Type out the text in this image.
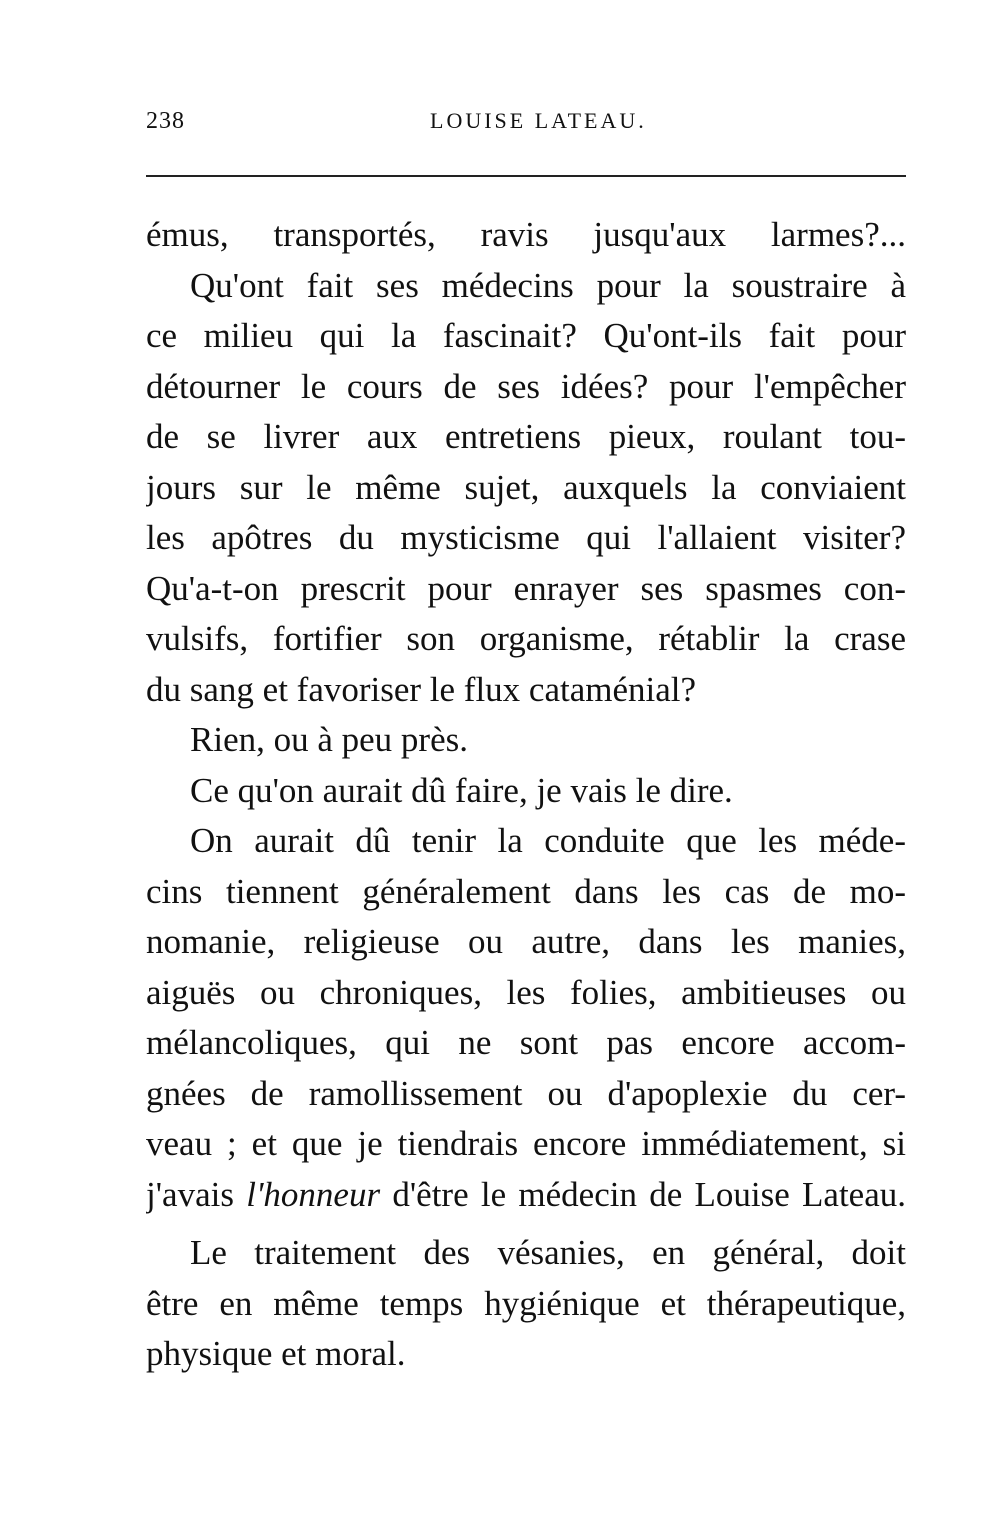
238	LOUISE LATEAU.
émus, transportés, ravis jusqu'aux larmes?...
Qu'ont fait ses médecins pour la soustraire à
ce milieu qui la fascinait? Qu'ont-ils fait pour
détourner le cours de ses idées? pour l'empêcher
de se livrer aux entretiens pieux, roulant tou-
jours sur le même sujet, auxquels la conviaient
les apôtres du mysticisme qui l'allaient visiter?
Qu'a-t-on prescrit pour enrayer ses spasmes con-
vulsifs, fortifier son organisme, rétablir la crase
du sang et favoriser le flux cataménial?
Rien, ou à peu près.
Ce qu'on aurait dû faire, je vais le dire.
On aurait dû tenir la conduite que les méde-
cins tiennent généralement dans les cas de mo-
nomanie, religieuse ou autre, dans les manies,
aiguës ou chroniques, les folies, ambitieuses ou
mélancoliques, qui ne sont pas encore accom-
gnées de ramollissement ou d'apoplexie du cer-
veau ; et que je tiendrais encore immédiatement, si
j'avais l'honneur d'être le médecin de Louise Lateau.
Le traitement des vésanies, en général, doit
être en même temps hygiénique et thérapeutique,
physique et moral.
